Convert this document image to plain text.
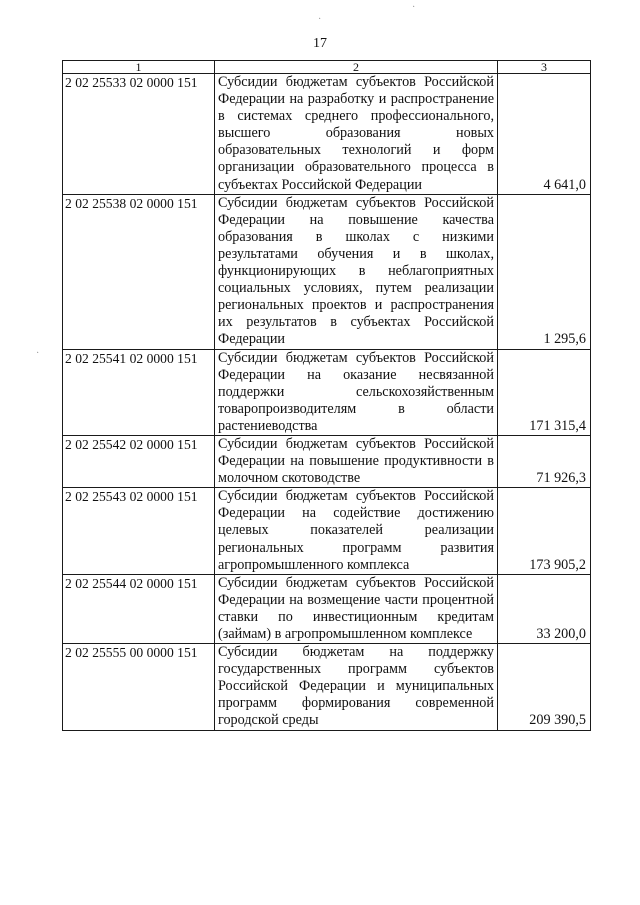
17
·
·
·
1	2	3
2 02 25533 02 0000 151	Субсидии бюджетам субъектов Российской Федерации на разработку и распространение в системах среднего профессионального, высшего образования новых образовательных технологий и форм организации образовательного процесса в субъектах Российской Федерации	4 641,0
2 02 25538 02 0000 151	Субсидии бюджетам субъектов Российской Федерации на повышение качества образования в школах с низкими результатами обучения и в школах, функционирующих в неблагоприятных социальных условиях, путем реализации региональных проектов и распространения их результатов в субъектах Российской Федерации	1 295,6
2 02 25541 02 0000 151	Субсидии бюджетам субъектов Российской Федерации на оказание несвязанной поддержки сельскохозяйственным товаропроизводителям в области растениеводства	171 315,4
2 02 25542 02 0000 151	Субсидии бюджетам субъектов Российской Федерации на повышение продуктивности в молочном скотоводстве	71 926,3
2 02 25543 02 0000 151	Субсидии бюджетам субъектов Российской Федерации на содействие достижению целевых показателей реализации региональных программ развития агропромышленного комплекса	173 905,2
2 02 25544 02 0000 151	Субсидии бюджетам субъектов Российской Федерации на возмещение части процентной ставки по инвестиционным кредитам (займам) в агропромышленном комплексе	33 200,0
2 02 25555 00 0000 151	Субсидии бюджетам на поддержку государственных программ субъектов Российской Федерации и муниципальных программ формирования современной городской среды	209 390,5
